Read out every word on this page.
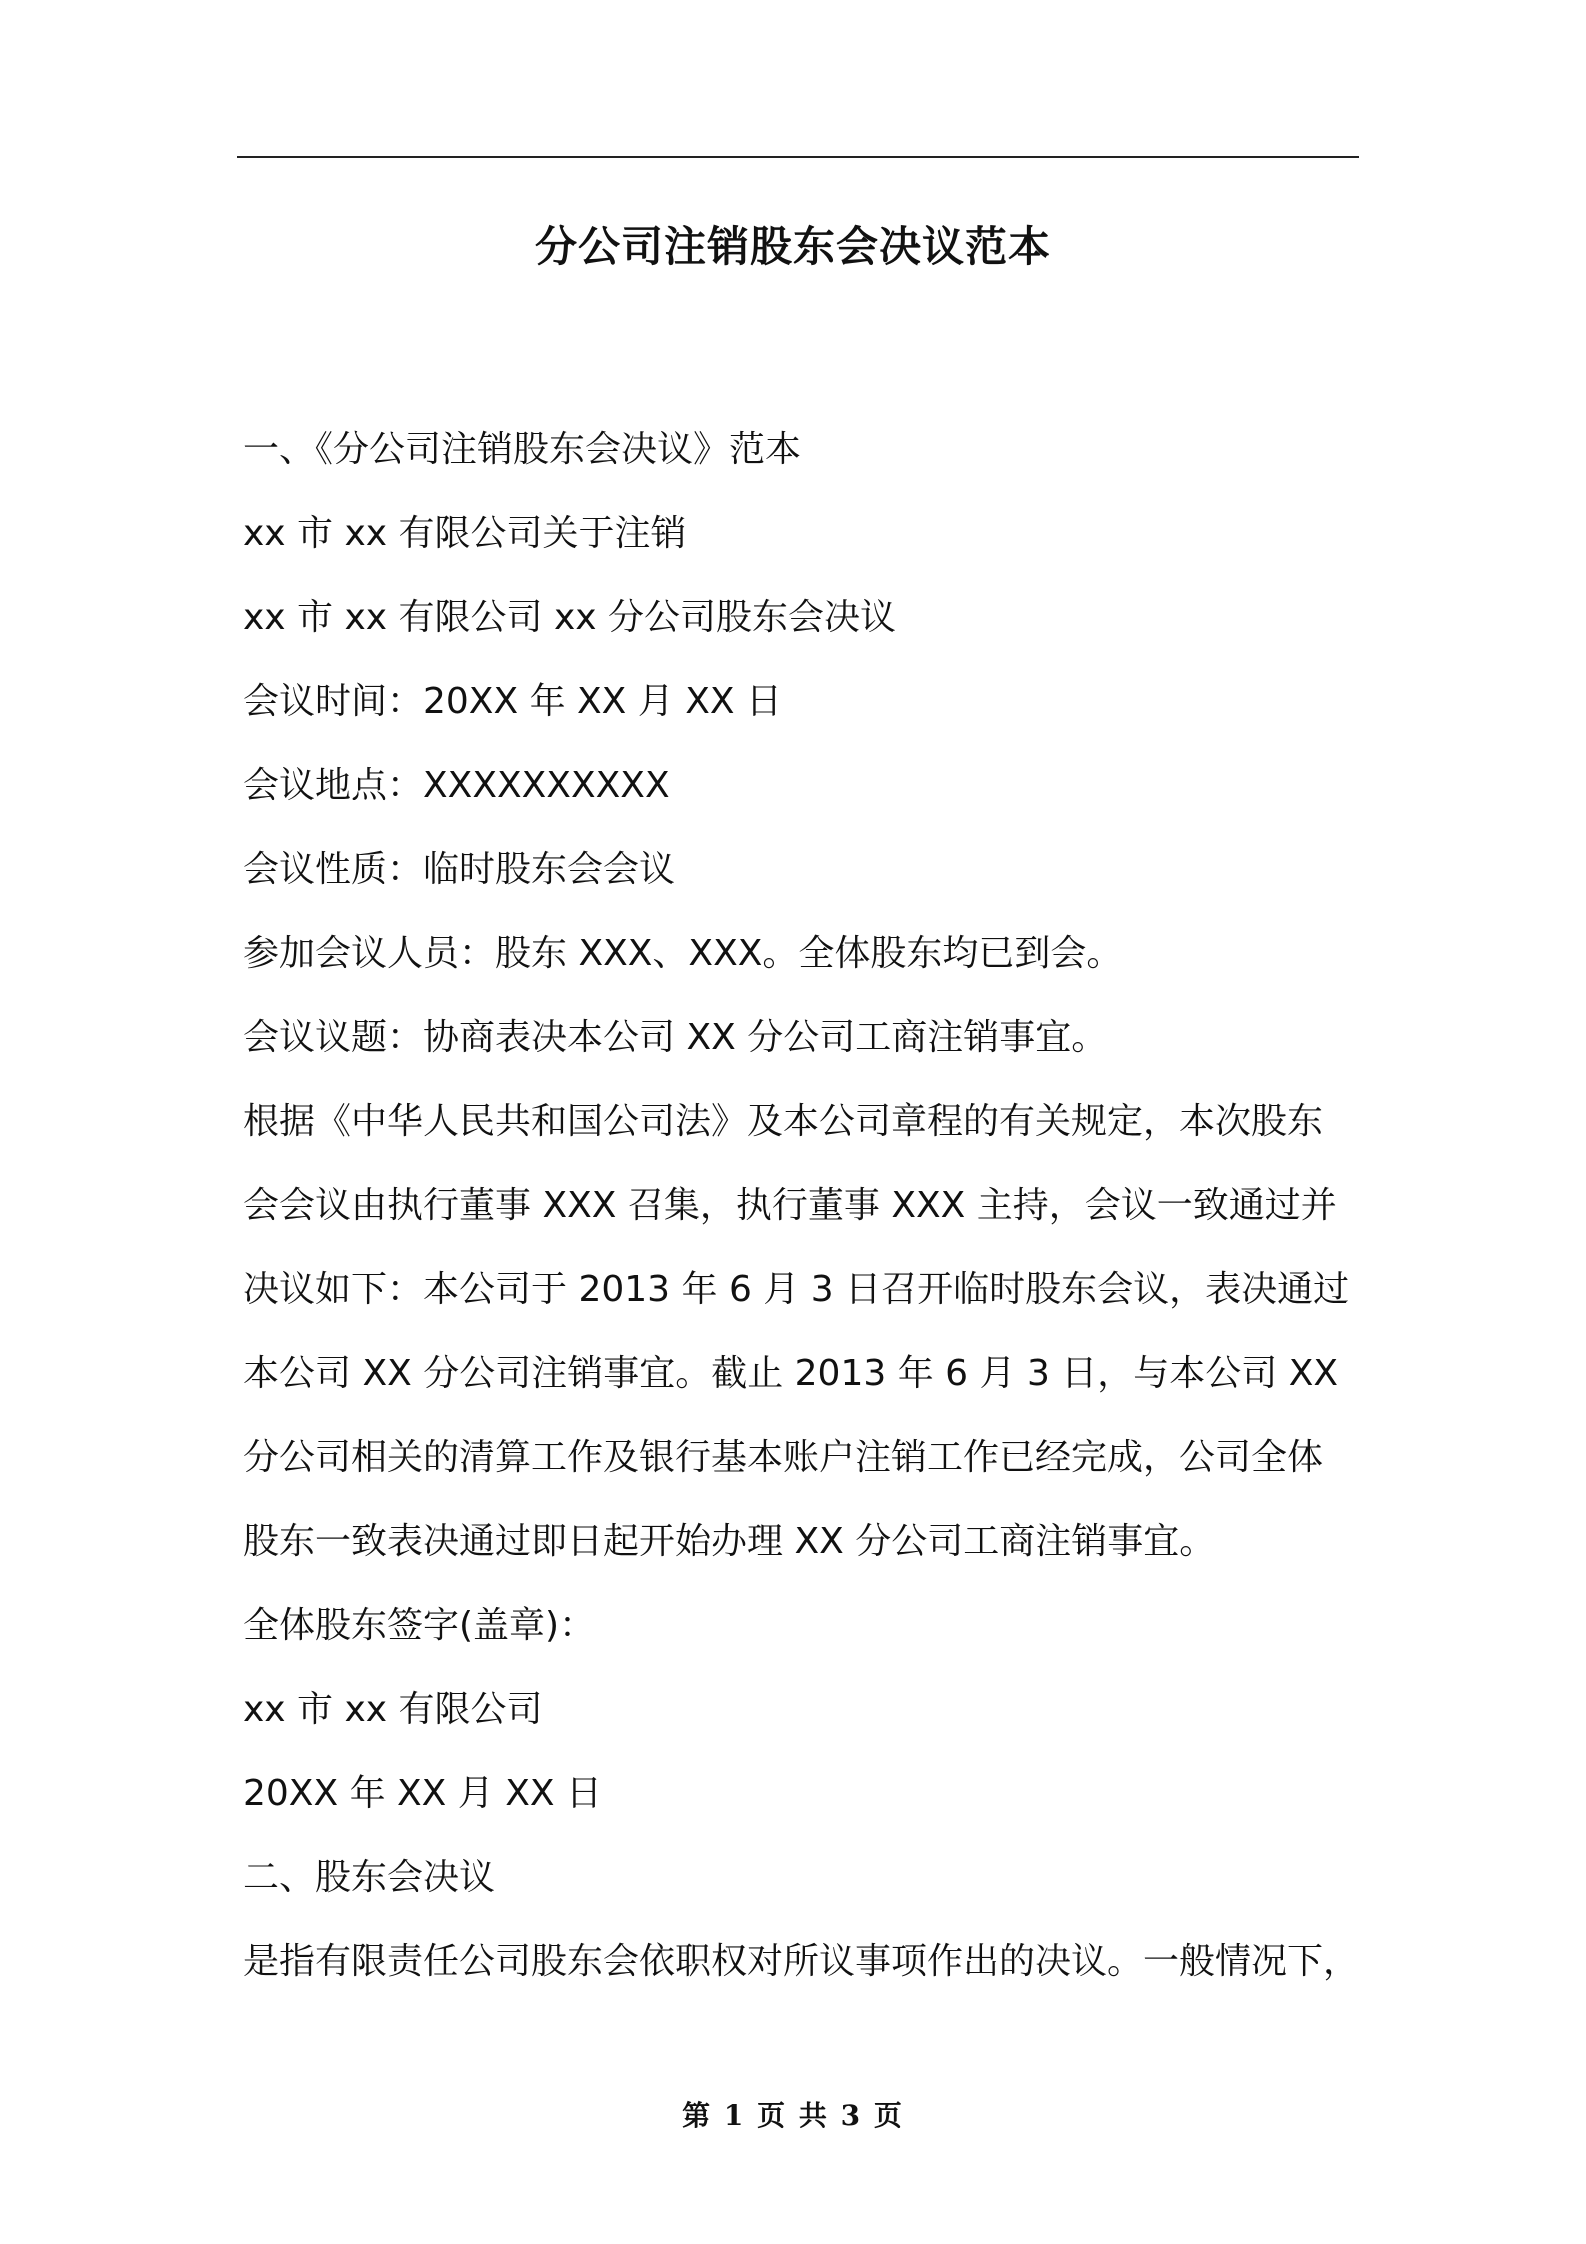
分公司注销股东会决议范本
一、《分公司注销股东会决议》范本
xx 市 xx 有限公司关于注销
xx 市 xx 有限公司 xx 分公司股东会决议
会议时间：20XX 年 XX 月 XX 日
会议地点：XXXXXXXXXX
会议性质：临时股东会会议
参加会议人员：股东 XXX、XXX。全体股东均已到会。
会议议题：协商表决本公司 XX 分公司工商注销事宜。
根据《中华人民共和国公司法》及本公司章程的有关规定，本次股东
会会议由执行董事 XXX 召集，执行董事 XXX 主持，会议一致通过并
决议如下：本公司于 2013 年 6 月 3 日召开临时股东会议，表决通过
本公司 XX 分公司注销事宜。截止 2013 年 6 月 3 日，与本公司 XX
分公司相关的清算工作及银行基本账户注销工作已经完成，公司全体
股东一致表决通过即日起开始办理 XX 分公司工商注销事宜。
全体股东签字(盖章)：
xx 市 xx 有限公司
20XX 年 XX 月 XX 日
二、股东会决议
是指有限责任公司股东会依职权对所议事项作出的决议。一般情况下，
第 1 页 共 3 页
